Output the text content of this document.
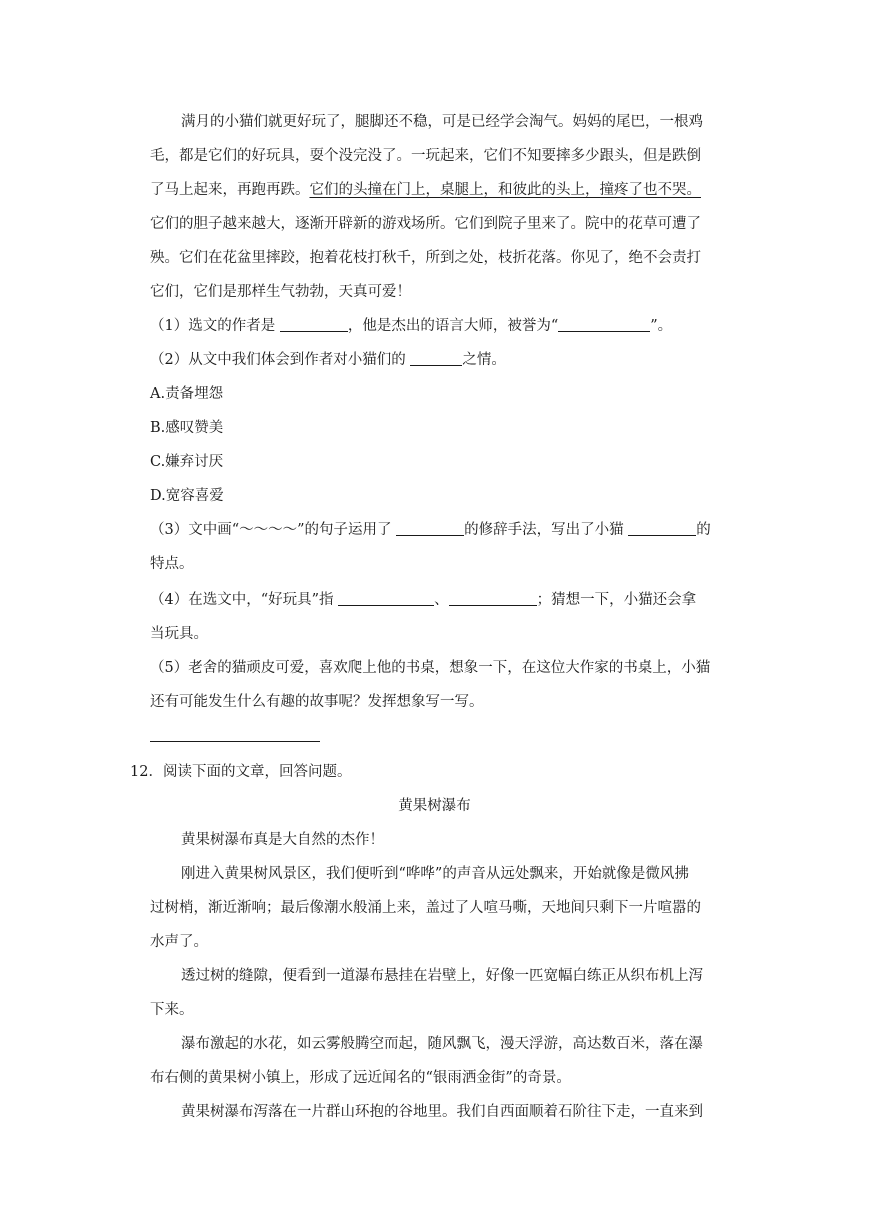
满月的小猫们就更好玩了，腿脚还不稳，可是已经学会淘气。妈妈的尾巴，一根鸡
毛，都是它们的好玩具，耍个没完没了。一玩起来，它们不知要摔多少跟头，但是跌倒
了马上起来，再跑再跌。它们的头撞在门上，桌腿上，和彼此的头上，撞疼了也不哭。
它们的胆子越来越大，逐渐开辟新的游戏场所。它们到院子里来了。院中的花草可遭了
殃。它们在花盆里摔跤，抱着花枝打秋千，所到之处，枝折花落。你见了，绝不会责打
它们，它们是那样生气勃勃，天真可爱！
（1）选文的作者是	，他是杰出的语言大师，被誉为“	”。
（2）从文中我们体会到作者对小猫们的	之情。
A.责备埋怨
B.感叹赞美
C.嫌弃讨厌
D.宽容喜爱
（3）文中画“～～～～”的句子运用了	的修辞手法，写出了小猫	的
特点。
（4）在选文中，“好玩具”指	、	；猜想一下，小猫还会拿
当玩具。
（5）老舍的猫顽皮可爱，喜欢爬上他的书桌，想象一下，在这位大作家的书桌上，小猫
还有可能发生什么有趣的故事呢？发挥想象写一写。
12．阅读下面的文章，回答问题。
黄果树瀑布
黄果树瀑布真是大自然的杰作！
刚进入黄果树风景区，我们便听到“哗哗”的声音从远处飘来，开始就像是微风拂
过树梢，渐近渐响；最后像潮水般涌上来，盖过了人喧马嘶，天地间只剩下一片喧嚣的
水声了。
透过树的缝隙，便看到一道瀑布悬挂在岩壁上，好像一匹宽幅白练正从织布机上泻
下来。
瀑布激起的水花，如云雾般腾空而起，随风飘飞，漫天浮游，高达数百米，落在瀑
布右侧的黄果树小镇上，形成了远近闻名的“银雨洒金街”的奇景。
黄果树瀑布泻落在一片群山环抱的谷地里。我们自西面顺着石阶往下走，一直来到
